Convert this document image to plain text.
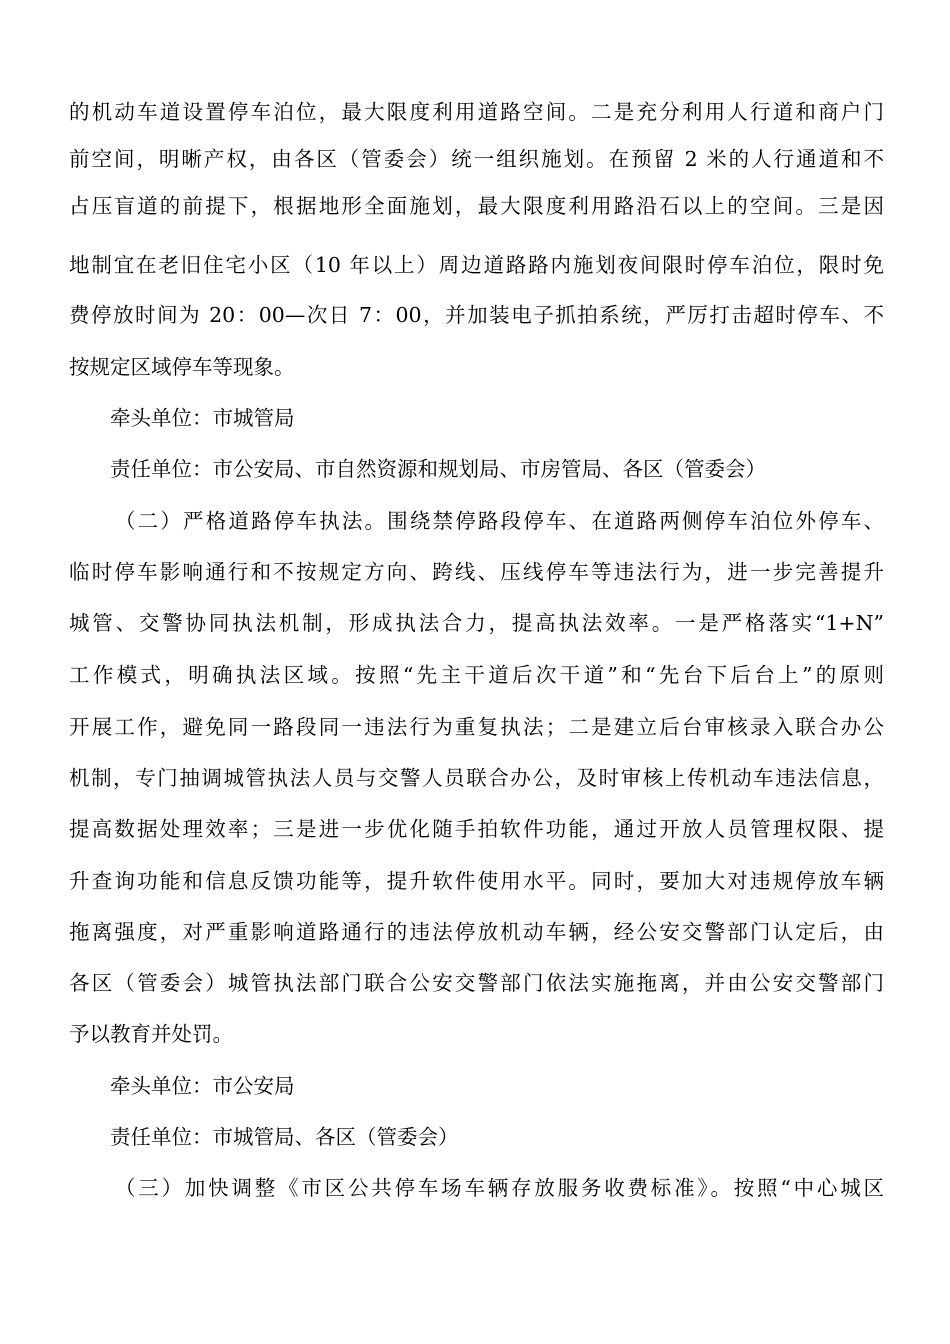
的机动车道设置停车泊位，最大限度利用道路空间。二是充分利用人行道和商户门
前空间，明晰产权，由各区（管委会）统一组织施划。在预留 2 米的人行通道和不
占压盲道的前提下，根据地形全面施划，最大限度利用路沿石以上的空间。三是因
地制宜在老旧住宅小区（10 年以上）周边道路路内施划夜间限时停车泊位，限时免
费停放时间为 20：00—次日 7：00，并加装电子抓拍系统，严厉打击超时停车、不
按规定区域停车等现象。
牵头单位：市城管局
责任单位：市公安局、市自然资源和规划局、市房管局、各区（管委会）
（二）严格道路停车执法。围绕禁停路段停车、在道路两侧停车泊位外停车、
临时停车影响通行和不按规定方向、跨线、压线停车等违法行为，进一步完善提升
城管、交警协同执法机制，形成执法合力，提高执法效率。一是严格落实“1+N”
工作模式，明确执法区域。按照“先主干道后次干道”和“先台下后台上”的原则
开展工作，避免同一路段同一违法行为重复执法；二是建立后台审核录入联合办公
机制，专门抽调城管执法人员与交警人员联合办公，及时审核上传机动车违法信息，
提高数据处理效率；三是进一步优化随手拍软件功能，通过开放人员管理权限、提
升查询功能和信息反馈功能等，提升软件使用水平。同时，要加大对违规停放车辆
拖离强度，对严重影响道路通行的违法停放机动车辆，经公安交警部门认定后，由
各区（管委会）城管执法部门联合公安交警部门依法实施拖离，并由公安交警部门
予以教育并处罚。
牵头单位：市公安局
责任单位：市城管局、各区（管委会）
（三）加快调整《市区公共停车场车辆存放服务收费标准》。按照“中心城区
